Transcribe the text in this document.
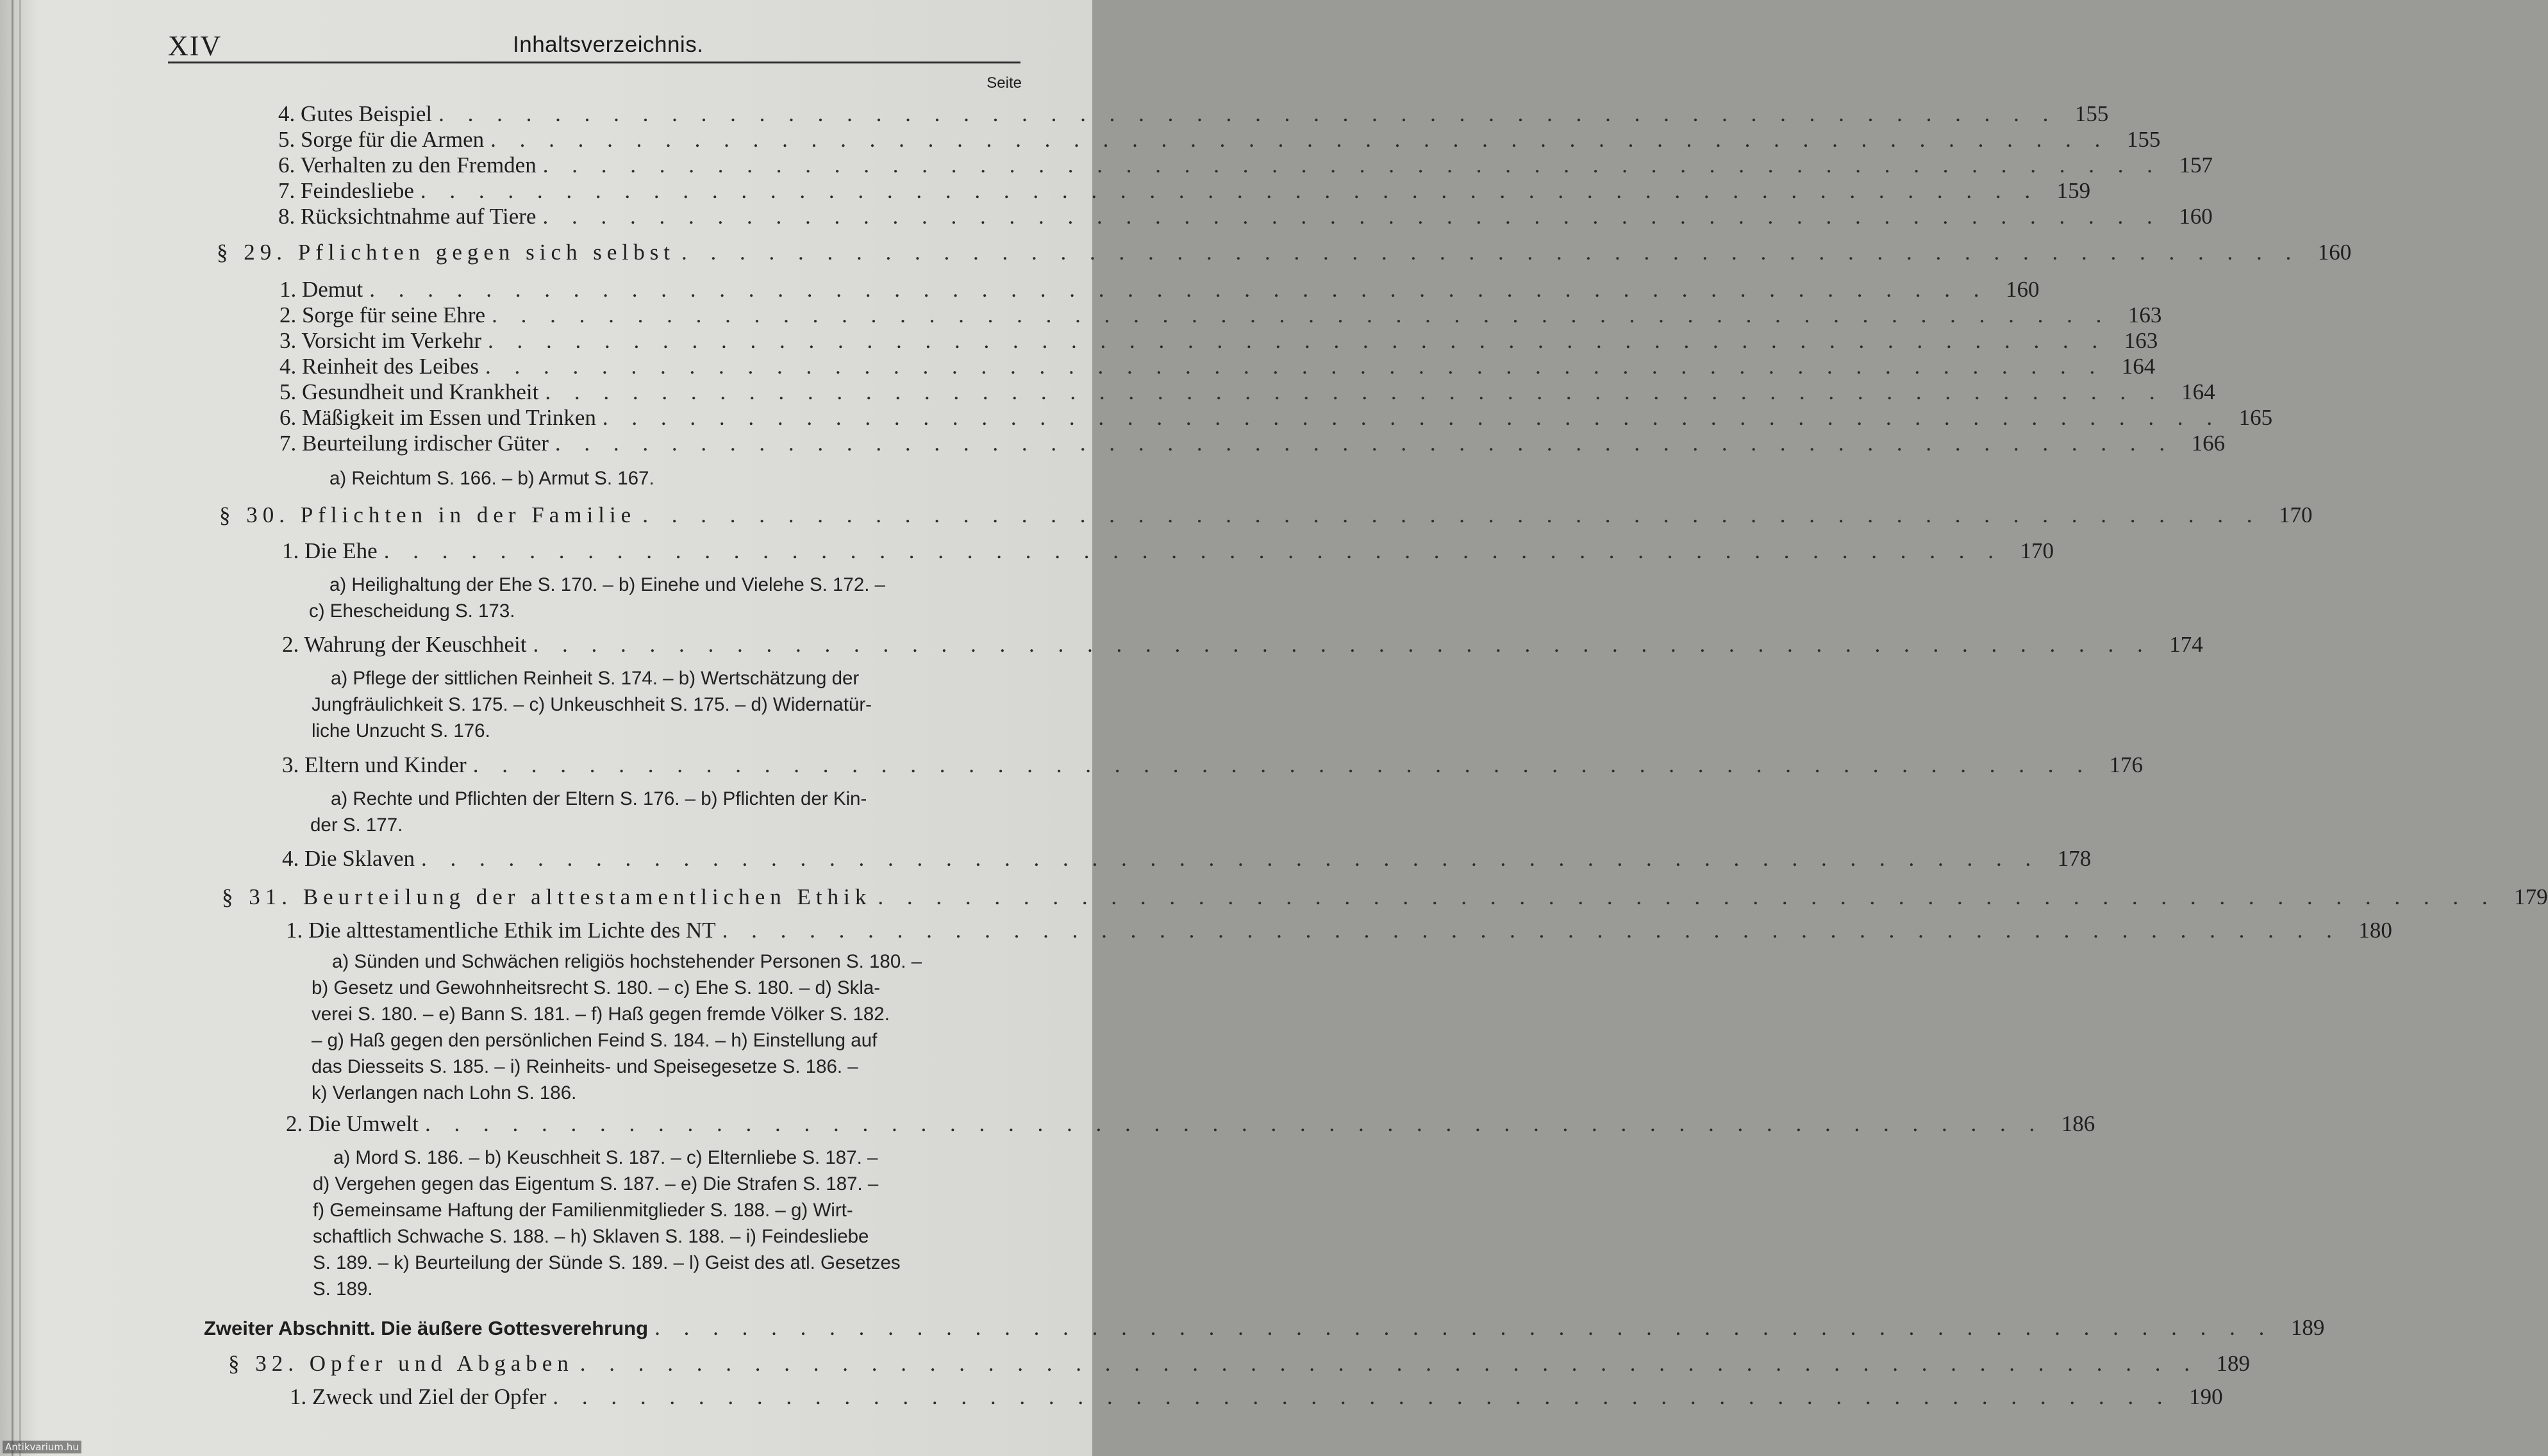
XIV	Inhaltsverzeichnis.
Seite
4. Gutes Beispiel . . . . . . . . . . . . . . . . . . . . . . . . . . . . . . . . . . . . . . . . . . . . . . . . . . . . . . . . 155
5. Sorge für die Armen . . . . . . . . . . . . . . . . . . . . . . . . . . . . . . . . . . . . . . . . . . . . . . . . . . . . . . . . 155
6. Verhalten zu den Fremden . . . . . . . . . . . . . . . . . . . . . . . . . . . . . . . . . . . . . . . . . . . . . . . . . . . . . . . . 157
7. Feindesliebe . . . . . . . . . . . . . . . . . . . . . . . . . . . . . . . . . . . . . . . . . . . . . . . . . . . . . . . . 159
8. Rücksichtnahme auf Tiere . . . . . . . . . . . . . . . . . . . . . . . . . . . . . . . . . . . . . . . . . . . . . . . . . . . . . . . . 160
§ 29. Pflichten gegen sich selbst . . . . . . . . . . . . . . . . . . . . . . . . . . . . . . . . . . . . . . . . . . . . . . . . . . . . . . . . 160
1. Demut . . . . . . . . . . . . . . . . . . . . . . . . . . . . . . . . . . . . . . . . . . . . . . . . . . . . . . . . 160
2. Sorge für seine Ehre . . . . . . . . . . . . . . . . . . . . . . . . . . . . . . . . . . . . . . . . . . . . . . . . . . . . . . . . 163
3. Vorsicht im Verkehr . . . . . . . . . . . . . . . . . . . . . . . . . . . . . . . . . . . . . . . . . . . . . . . . . . . . . . . . 163
4. Reinheit des Leibes . . . . . . . . . . . . . . . . . . . . . . . . . . . . . . . . . . . . . . . . . . . . . . . . . . . . . . . . 164
5. Gesundheit und Krankheit . . . . . . . . . . . . . . . . . . . . . . . . . . . . . . . . . . . . . . . . . . . . . . . . . . . . . . . . 164
6. Mäßigkeit im Essen und Trinken . . . . . . . . . . . . . . . . . . . . . . . . . . . . . . . . . . . . . . . . . . . . . . . . . . . . . . . . 165
7. Beurteilung irdischer Güter . . . . . . . . . . . . . . . . . . . . . . . . . . . . . . . . . . . . . . . . . . . . . . . . . . . . . . . . 166
a) Reichtum S. 166. – b) Armut S. 167.
§ 30. Pflichten in der Familie . . . . . . . . . . . . . . . . . . . . . . . . . . . . . . . . . . . . . . . . . . . . . . . . . . . . . . . . 170
1. Die Ehe . . . . . . . . . . . . . . . . . . . . . . . . . . . . . . . . . . . . . . . . . . . . . . . . . . . . . . . . 170
a) Heilighaltung der Ehe S. 170. – b) Einehe und Vielehe S. 172. –
c) Ehescheidung S. 173.
2. Wahrung der Keuschheit . . . . . . . . . . . . . . . . . . . . . . . . . . . . . . . . . . . . . . . . . . . . . . . . . . . . . . . . 174
a) Pflege der sittlichen Reinheit S. 174. – b) Wertschätzung der
Jungfräulichkeit S. 175. – c) Unkeuschheit S. 175. – d) Widernatür-
liche Unzucht S. 176.
3. Eltern und Kinder . . . . . . . . . . . . . . . . . . . . . . . . . . . . . . . . . . . . . . . . . . . . . . . . . . . . . . . . 176
a) Rechte und Pflichten der Eltern S. 176. – b) Pflichten der Kin-
der S. 177.
4. Die Sklaven . . . . . . . . . . . . . . . . . . . . . . . . . . . . . . . . . . . . . . . . . . . . . . . . . . . . . . . . 178
§ 31. Beurteilung der alttestamentlichen Ethik . . . . . . . . . . . . . . . . . . . . . . . . . . . . . . . . . . . . . . . . . . . . . . . . . . . . . . . . 179
1. Die alttestamentliche Ethik im Lichte des NT . . . . . . . . . . . . . . . . . . . . . . . . . . . . . . . . . . . . . . . . . . . . . . . . . . . . . . . . 180
a) Sünden und Schwächen religiös hochstehender Personen S. 180. –
b) Gesetz und Gewohnheitsrecht S. 180. – c) Ehe S. 180. – d) Skla-
verei S. 180. – e) Bann S. 181. – f) Haß gegen fremde Völker S. 182.
– g) Haß gegen den persönlichen Feind S. 184. – h) Einstellung auf
das Diesseits S. 185. – i) Reinheits- und Speisegesetze S. 186. –
k) Verlangen nach Lohn S. 186.
2. Die Umwelt . . . . . . . . . . . . . . . . . . . . . . . . . . . . . . . . . . . . . . . . . . . . . . . . . . . . . . . . 186
a) Mord S. 186. – b) Keuschheit S. 187. – c) Elternliebe S. 187. –
d) Vergehen gegen das Eigentum S. 187. – e) Die Strafen S. 187. –
f) Gemeinsame Haftung der Familienmitglieder S. 188. – g) Wirt-
schaftlich Schwache S. 188. – h) Sklaven S. 188. – i) Feindesliebe
S. 189. – k) Beurteilung der Sünde S. 189. – l) Geist des atl. Gesetzes
S. 189.
Zweiter Abschnitt. Die äußere Gottesverehrung . . . . . . . . . . . . . . . . . . . . . . . . . . . . . . . . . . . . . . . . . . . . . . . . . . . . . . . . 189
§ 32. Opfer und Abgaben . . . . . . . . . . . . . . . . . . . . . . . . . . . . . . . . . . . . . . . . . . . . . . . . . . . . . . . . 189
1. Zweck und Ziel der Opfer . . . . . . . . . . . . . . . . . . . . . . . . . . . . . . . . . . . . . . . . . . . . . . . . . . . . . . . . 190
Antikvarium.hu
